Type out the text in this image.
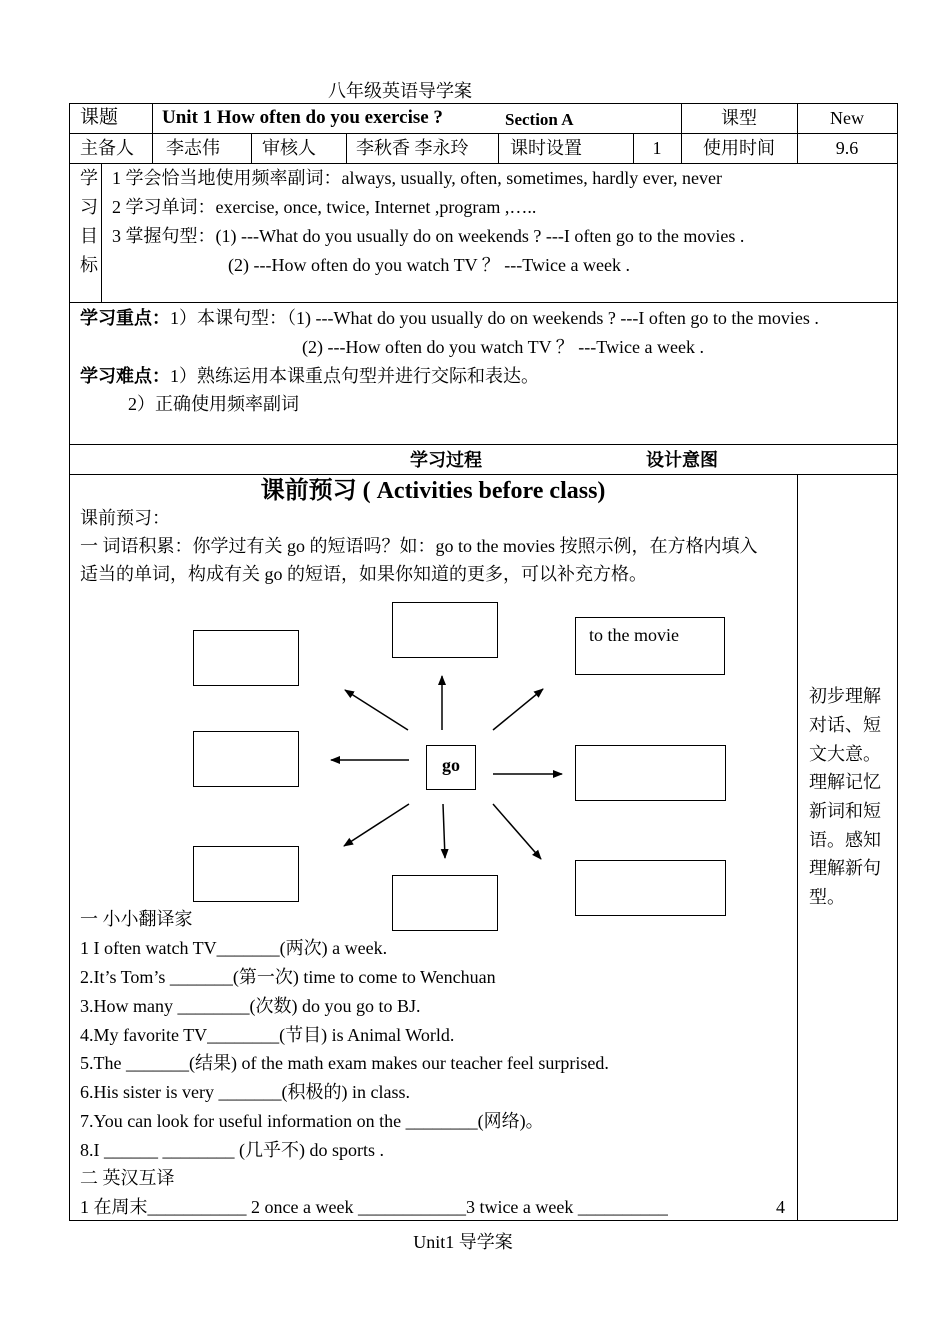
八年级英语导学案
课题 Unit 1 How often do you exercise ?	Section A	课型	New
主备人 李志伟 审核人 李秋香 李永玲 课时设置	1	使用时间	9.6
学
习
目
标
1 学会恰当地使用频率副词：always, usually, often, sometimes, hardly ever, never
2 学习单词：exercise, once, twice, Internet ,program ,…..
3 掌握句型：(1) ---What do you usually do on weekends ? ---I often go to the movies .
(2) ---How often do you watch TV ？ ---Twice a week .
学习重点：1）本课句型：（1) ---What do you usually do on weekends ? ---I often go to the movies .
(2) ---How often do you watch TV ？ ---Twice a week .
学习难点：1）熟练运用本课重点句型并进行交际和表达。
2）正确使用频率副词
学习过程	设计意图
课前预习 ( Activities before class)
课前预习：
一 词语积累：你学过有关 go 的短语吗？如：go to the movies 按照示例，在方格内填入
适当的单词，构成有关 go 的短语，如果你知道的更多，可以补充方格。
to the movie
go
一 小小翻译家
1 I often watch TV_______(两次) a week.
2.It’s Tom’s _______(第一次) time to come to Wenchuan
3.How many ________(次数) do you go to BJ.
4.My favorite TV________(节目) is Animal World.
5.The _______(结果) of the math exam makes our teacher feel surprised.
6.His sister is very _______(积极的) in class.
7.You can look for useful information on the ________(网络)。
8.I ______ ________ (几乎不) do sports .
二 英汉互译
1 在周末___________ 2 once a week ____________3 twice a week __________	4
初步理解
对话、短
文大意。
理解记忆
新词和短
语。感知
理解新句
型。
Unit1 导学案
